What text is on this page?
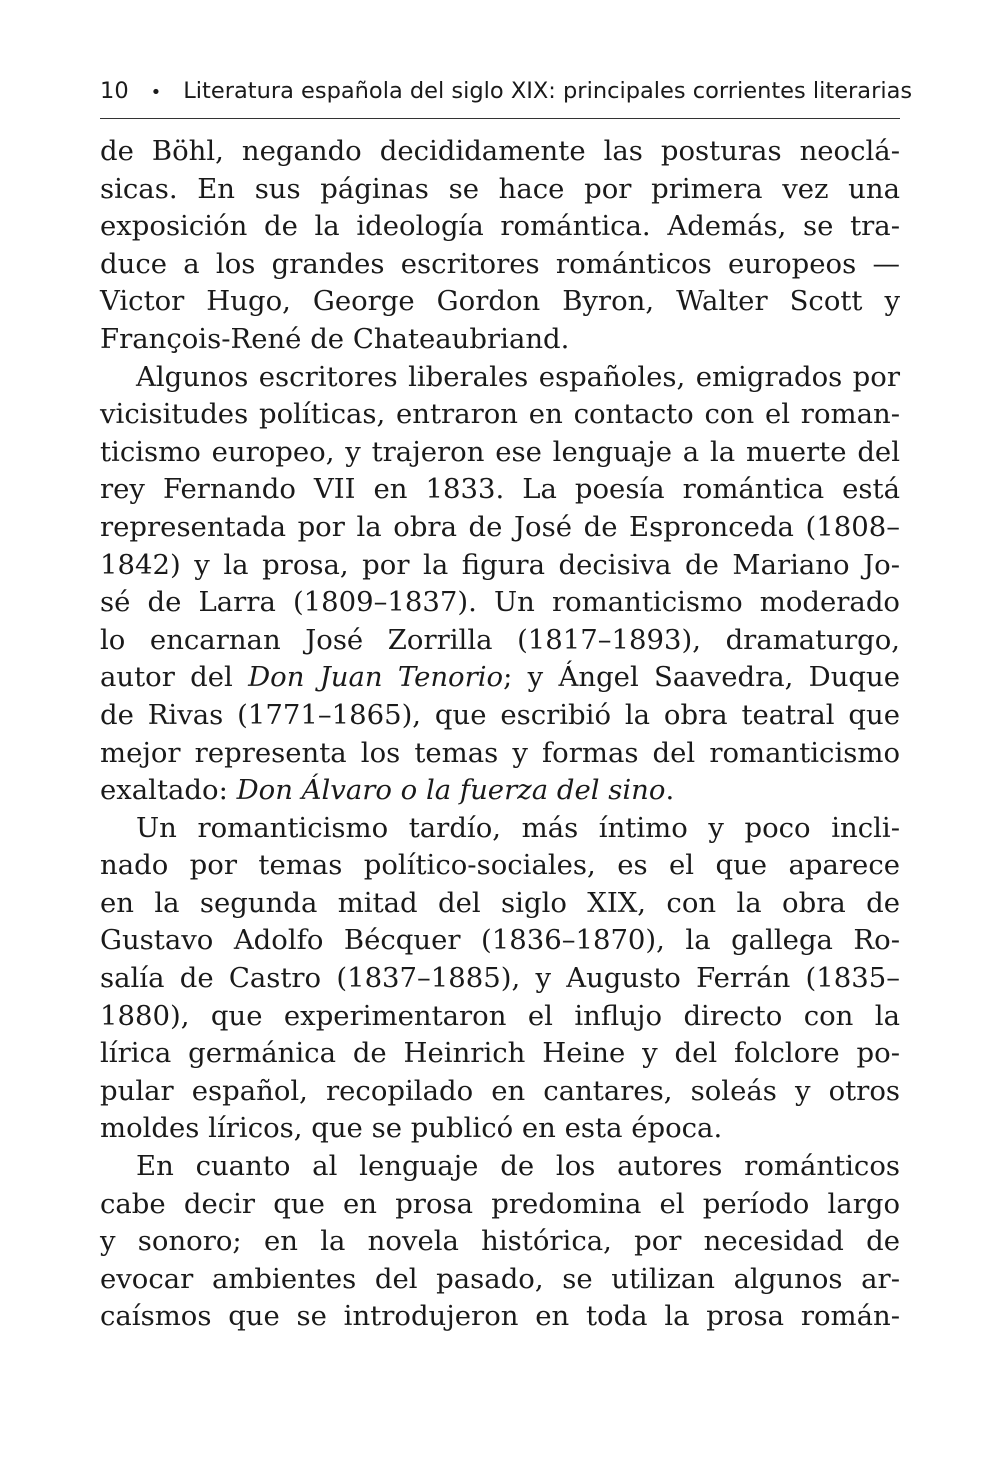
10 • Literatura española del siglo XIX: principales corrientes literarias
de Böhl, negando decididamente las posturas neoclá-
sicas. En sus páginas se hace por primera vez una
exposición de la ideología romántica. Además, se tra-
duce a los grandes escritores románticos europeos —
Victor Hugo, George Gordon Byron, Walter Scott y
François-René de Chateaubriand.
Algunos escritores liberales españoles, emigrados por
vicisitudes políticas, entraron en contacto con el roman-
ticismo europeo, y trajeron ese lenguaje a la muerte del
rey Fernando VII en 1833. La poesía romántica está
representada por la obra de José de Espronceda (1808–
1842) y la prosa, por la figura decisiva de Mariano Jo-
sé de Larra (1809–1837). Un romanticismo moderado
lo encarnan José Zorrilla (1817–1893), dramaturgo,
autor del Don Juan Tenorio; y Ángel Saavedra, Duque
de Rivas (1771–1865), que escribió la obra teatral que
mejor representa los temas y formas del romanticismo
exaltado: Don Álvaro o la fuerza del sino.
Un romanticismo tardío, más íntimo y poco incli-
nado por temas político-sociales, es el que aparece
en la segunda mitad del siglo XIX, con la obra de
Gustavo Adolfo Bécquer (1836–1870), la gallega Ro-
salía de Castro (1837–1885), y Augusto Ferrán (1835–
1880), que experimentaron el influjo directo con la
lírica germánica de Heinrich Heine y del folclore po-
pular español, recopilado en cantares, soleás y otros
moldes líricos, que se publicó en esta época.
En cuanto al lenguaje de los autores románticos
cabe decir que en prosa predomina el período largo
y sonoro; en la novela histórica, por necesidad de
evocar ambientes del pasado, se utilizan algunos ar-
caísmos que se introdujeron en toda la prosa román-
